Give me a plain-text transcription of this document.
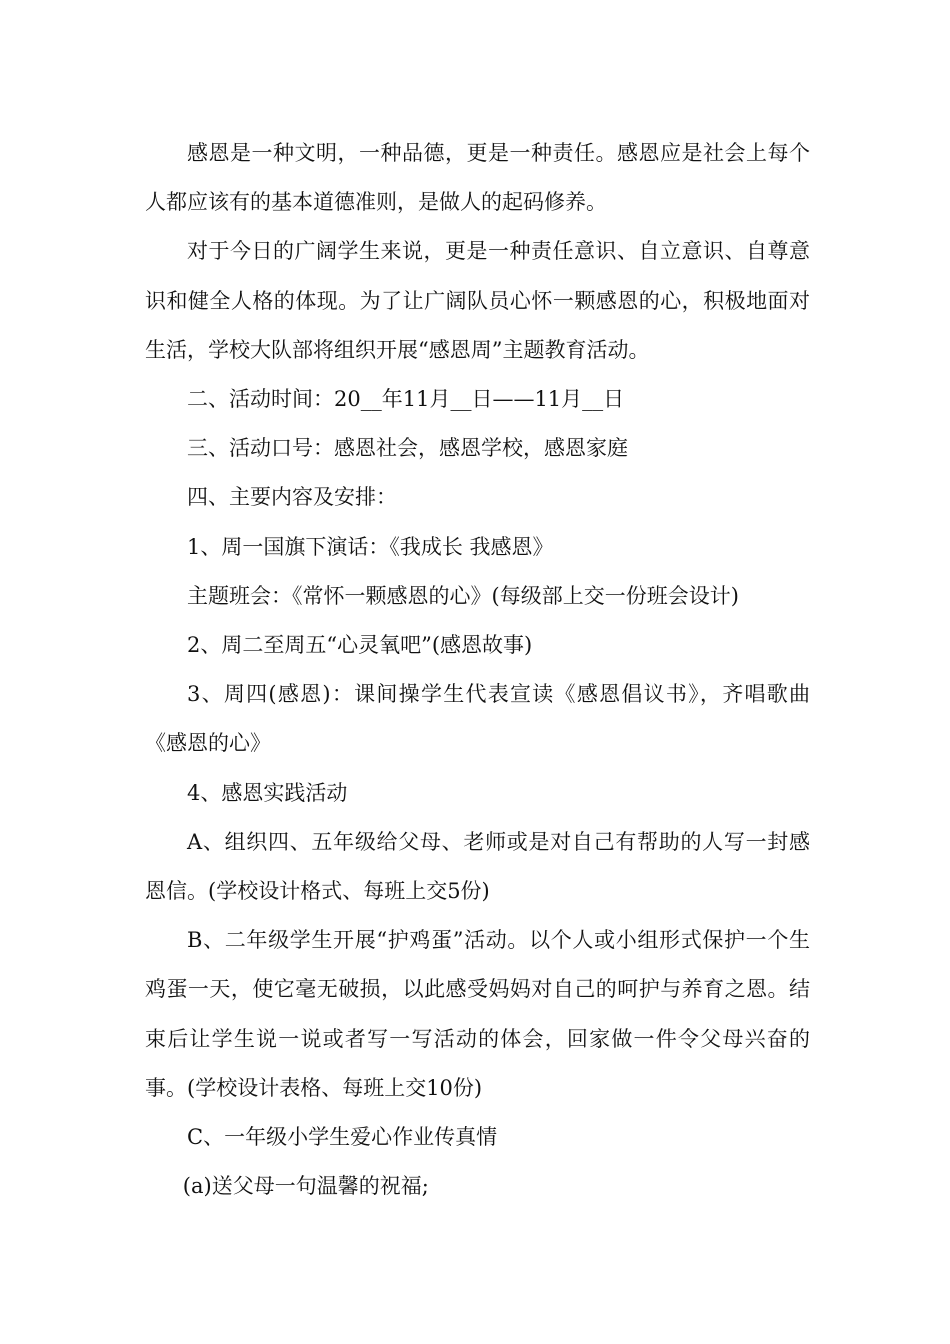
感恩是一种文明，一种品德，更是一种责任。感恩应是社会上每个人都应该有的基本道德准则，是做人的起码修养。

对于今日的广阔学生来说，更是一种责任意识、自立意识、自尊意识和健全人格的体现。为了让广阔队员心怀一颗感恩的心，积极地面对生活，学校大队部将组织开展“感恩周”主题教育活动。

二、活动时间：20__年11月__日——11月__日

三、活动口号：感恩社会，感恩学校，感恩家庭

四、主要内容及安排：

1、周一国旗下演话：《我成长 我感恩》

主题班会：《常怀一颗感恩的心》(每级部上交一份班会设计)

2、周二至周五“心灵氧吧”(感恩故事)

3、周四(感恩)：课间操学生代表宣读《感恩倡议书》，齐唱歌曲《感恩的心》

4、感恩实践活动

A、组织四、五年级给父母、老师或是对自己有帮助的人写一封感恩信。(学校设计格式、每班上交5份)

B、二年级学生开展“护鸡蛋”活动。以个人或小组形式保护一个生鸡蛋一天，使它毫无破损，以此感受妈妈对自己的呵护与养育之恩。结束后让学生说一说或者写一写活动的体会，回家做一件令父母兴奋的事。(学校设计表格、每班上交10份)

C、一年级小学生爱心作业传真情

(a)送父母一句温馨的祝福;
